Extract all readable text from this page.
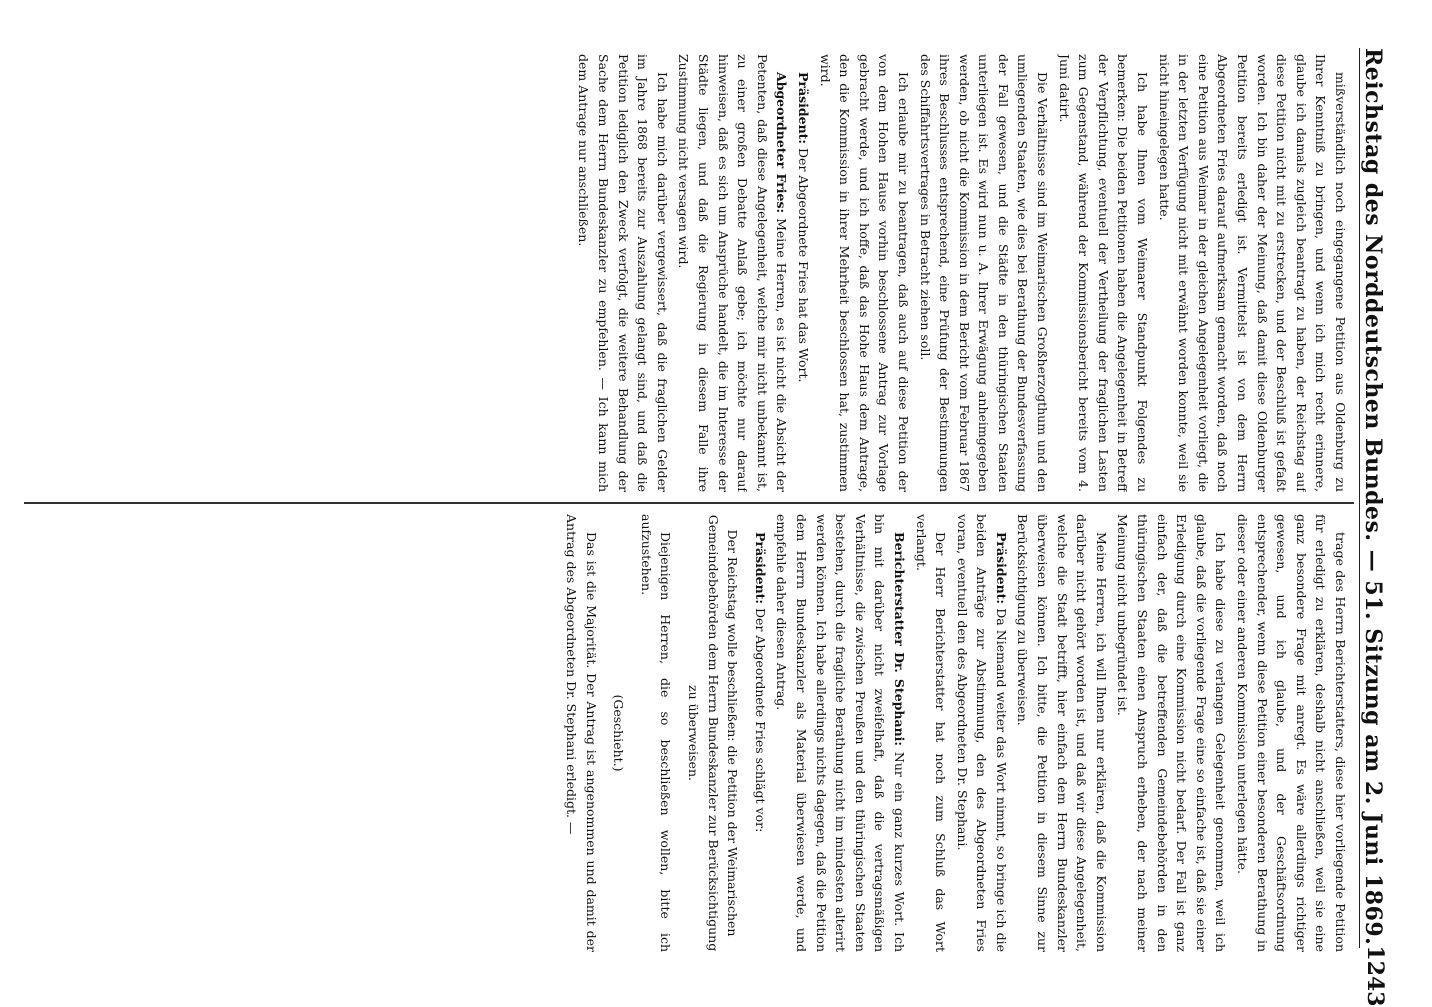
Reichstag des Norddeutschen Bundes. — 51. Sitzung am 2. Juni 1869.
1243

mißverständlich noch eingegangene Petition aus Oldenburg zu Ihrer Kenntniß zu bringen, und wenn ich mich recht erinnere, glaube ich damals zugleich beantragt zu haben, der Reichstag auf diese Petition nicht mit zu erstrecken, und der Beschluß ist gefaßt worden. Ich bin daher der Meinung, daß damit diese Oldenburger Petition bereits erledigt ist. Vermittelst ist von dem Herrn Abgeordneten Fries darauf aufmerksam gemacht worden, daß noch eine Petition aus Weimar in der gleichen Angelegenheit vorliegt, die in der letzten Verfügung nicht mit erwähnt worden konnte, weil sie nicht hineingelegen hatte.

Ich habe Ihnen vom Weimarer Standpunkt Folgendes zu bemerken: Die beiden Petitionen haben die Angelegenheit in Betreff der Verpflichtung, eventuell der Vertheilung der fraglichen Lasten zum Gegenstand, während der Kommissionsbericht bereits vom 4. Juni datirt.

Die Verhältnisse sind im Weimarischen Großherzogthum und den umliegenden Staaten, wie dies bei Berathung der Bundesverfassung der Fall gewesen, und die Städte in den thüringischen Staaten unterliegen ist. Es wird nun u. A. Ihrer Erwägung anheimgegeben werden, ob nicht die Kommission in dem Bericht vom Februar 1867 ihres Beschlusses entsprechend, eine Prüfung der Bestimmungen des Schiffahrtsvertrages in Betracht ziehen soll.

Ich erlaube mir zu beantragen, daß auch auf diese Petition der von dem Hohen Hause vorhin beschlossene Antrag zur Vorlage gebracht werde, und ich hoffe, daß das Hohe Haus dem Antrage, den die Kommission in ihrer Mehrheit beschlossen hat, zustimmen wird.

Präsident: Der Abgeordnete Fries hat das Wort.

Abgeordneter Fries: Meine Herren, es ist nicht die Absicht der Petenten, daß diese Angelegenheit, welche mir nicht unbekannt ist, zu einer großen Debatte Anlaß gebe; ich möchte nur darauf hinweisen, daß es sich um Ansprüche handelt, die im Interesse der Städte liegen, und daß die Regierung in diesem Falle ihre Zustimmung nicht versagen wird.

Ich habe mich darüber vergewissert, daß die fraglichen Gelder im Jahre 1868 bereits zur Auszahlung gelangt sind, und daß die Petition lediglich den Zweck verfolgt, die weitere Behandlung der Sache dem Herrn Bundeskanzler zu empfehlen. — Ich kann mich dem Antrage nur anschließen.

trage des Herrn Berichterstatters, diese hier vorliegende Petition für erledigt zu erklären, deshalb nicht anschließen, weil sie eine ganz besondere Frage mit anregt. Es wäre allerdings richtiger gewesen, und ich glaube, und der Geschäftsordnung entsprechender, wenn diese Petition einer besonderen Berathung in dieser oder einer anderen Kommission unterlegen hätte.

Ich habe diese zu verlangen Gelegenheit genommen, weil ich glaube, daß die vorliegende Frage eine so einfache ist, daß sie einer Erledigung durch eine Kommission nicht bedarf. Der Fall ist ganz einfach der, daß die betreffenden Gemeindebehörden in den thüringischen Staaten einen Anspruch erheben, der nach meiner Meinung nicht unbegründet ist.

Meine Herren, ich will Ihnen nur erklären, daß die Kommission darüber nicht gehört worden ist, und daß wir diese Angelegenheit, welche die Stadt betrifft, hier einfach dem Herrn Bundeskanzler überweisen können. Ich bitte, die Petition in diesem Sinne zur Berücksichtigung zu überweisen.

Präsident: Da Niemand weiter das Wort nimmt, so bringe ich die beiden Anträge zur Abstimmung, den des Abgeordneten Fries voran, eventuell den des Abgeordneten Dr. Stephani.

Der Herr Berichterstatter hat noch zum Schluß das Wort verlangt.

Berichterstatter Dr. Stephani: Nur ein ganz kurzes Wort. Ich bin mit darüber nicht zweifelhaft, daß die vertragsmäßigen Verhältnisse, die zwischen Preußen und den thüringischen Staaten bestehen, durch die fragliche Berathung nicht im mindesten alterirt werden können. Ich habe allerdings nichts dagegen, daß die Petition dem Herrn Bundeskanzler als Material überwiesen werde, und empfehle daher diesen Antrag.

Präsident: Der Abgeordnete Fries schlägt vor:

Der Reichstag wolle beschließen: die Petition der Weimarischen Gemeindebehörden dem Herrn Bundeskanzler zur Berücksichtigung zu überweisen.

Diejenigen Herren, die so beschließen wollen, bitte ich aufzustehen.

(Geschieht.)

Das ist die Majorität. Der Antrag ist angenommen und damit der Antrag des Abgeordneten Dr. Stephani erledigt. —
